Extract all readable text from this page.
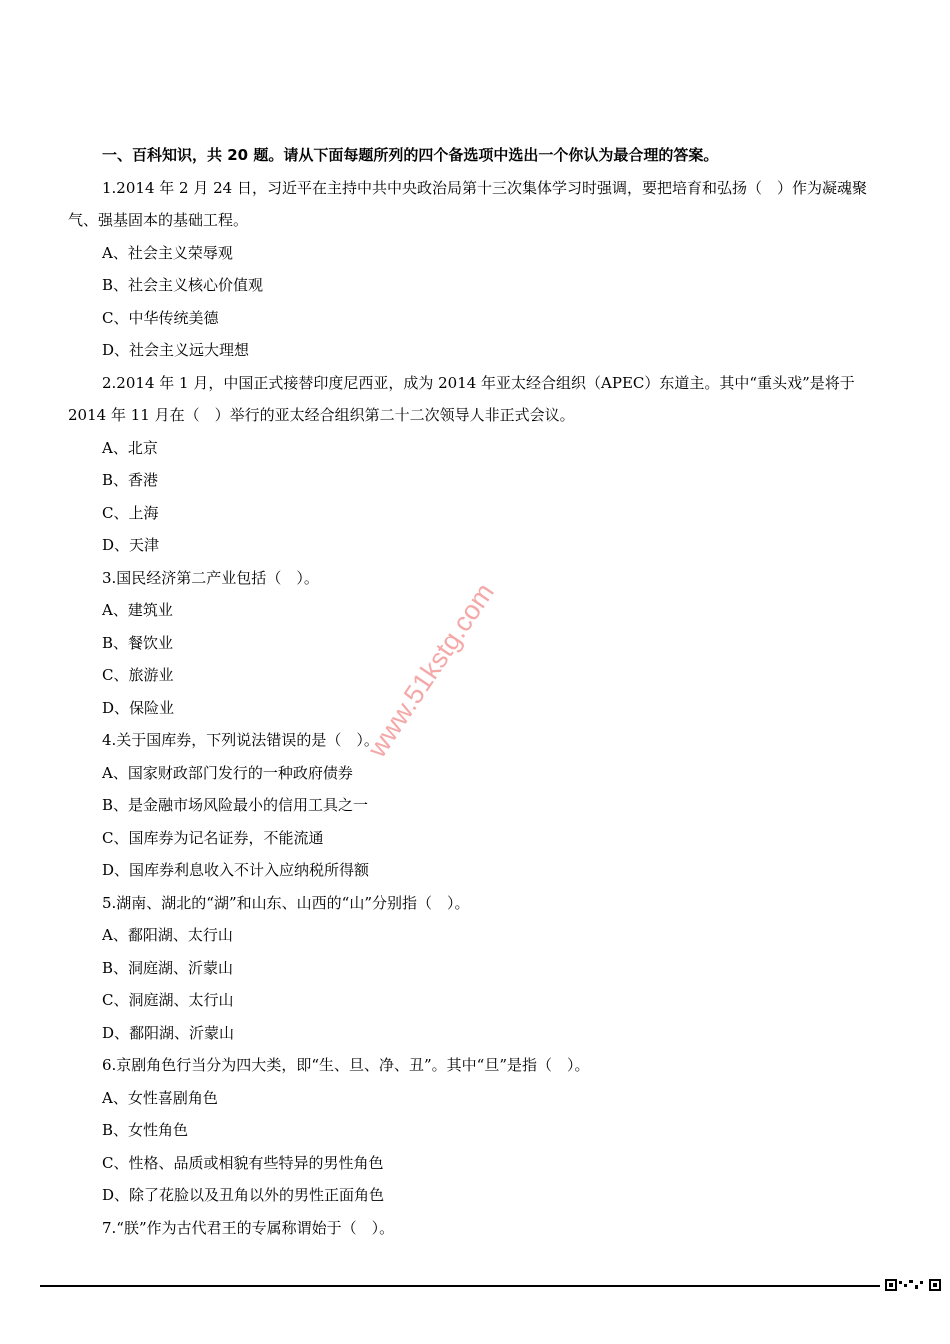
一、百科知识，共 20 题。请从下面每题所列的四个备选项中选出一个你认为最合理的答案。
1.2014 年 2 月 24 日，习近平在主持中共中央政治局第十三次集体学习时强调，要把培育和弘扬（　）作为凝魂聚气、强基固本的基础工程。
A、社会主义荣辱观
B、社会主义核心价值观
C、中华传统美德
D、社会主义远大理想
2.2014 年 1 月，中国正式接替印度尼西亚，成为 2014 年亚太经合组织（APEC）东道主。其中“重头戏”是将于 2014 年 11 月在（　）举行的亚太经合组织第二十二次领导人非正式会议。
A、北京
B、香港
C、上海
D、天津
3.国民经济第二产业包括（　）。
A、建筑业
B、餐饮业
C、旅游业
D、保险业
4.关于国库券，下列说法错误的是（　）。
A、国家财政部门发行的一种政府债券
B、是金融市场风险最小的信用工具之一
C、国库券为记名证券，不能流通
D、国库券利息收入不计入应纳税所得额
5.湖南、湖北的“湖”和山东、山西的“山”分别指（　）。
A、鄱阳湖、太行山
B、洞庭湖、沂蒙山
C、洞庭湖、太行山
D、鄱阳湖、沂蒙山
6.京剧角色行当分为四大类，即“生、旦、净、丑”。其中“旦”是指（　）。
A、女性喜剧角色
B、女性角色
C、性格、品质或相貌有些特异的男性角色
D、除了花脸以及丑角以外的男性正面角色
7.“朕”作为古代君王的专属称谓始于（　）。
www.51kstg.com
